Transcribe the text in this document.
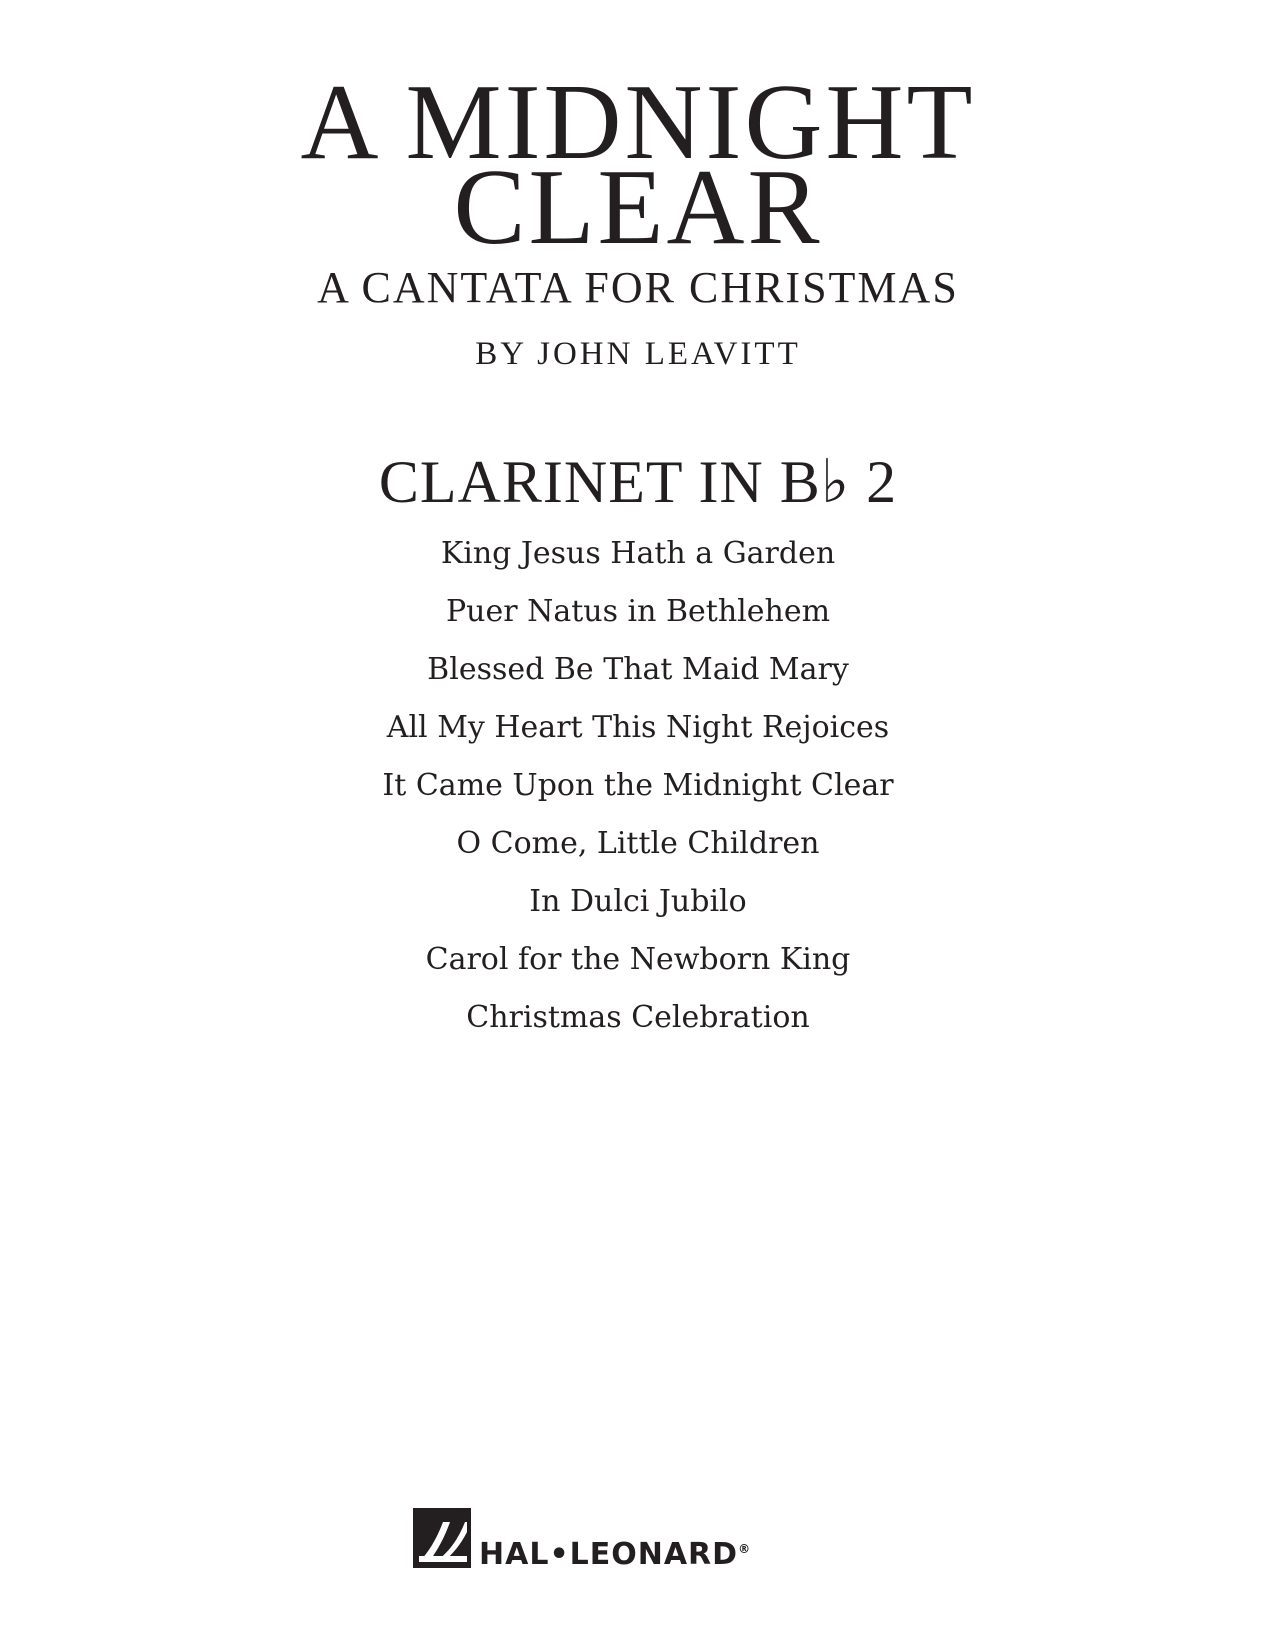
A MIDNIGHT
CLEAR
A CANTATA FOR CHRISTMAS
BY JOHN LEAVITT
CLARINET IN B♭ 2
King Jesus Hath a Garden
Puer Natus in Bethlehem
Blessed Be That Maid Mary
All My Heart This Night Rejoices
It Came Upon the Midnight Clear
O Come, Little Children
In Dulci Jubilo
Carol for the Newborn King
Christmas Celebration
HAL•LEONARD®
